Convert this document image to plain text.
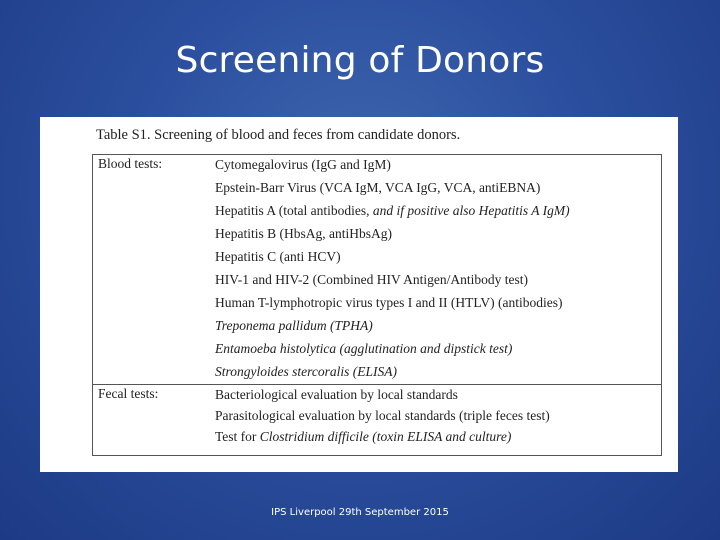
Screening of Donors
Table S1. Screening of blood and feces from candidate donors.
Blood tests:	Cytomegalovirus (IgG and IgM)
Epstein-Barr Virus (VCA IgM, VCA IgG, VCA, antiEBNA)
Hepatitis A (total antibodies, and if positive also Hepatitis A IgM)
Hepatitis B (HbsAg, antiHbsAg)
Hepatitis C (anti HCV)
HIV-1 and HIV-2 (Combined HIV Antigen/Antibody test)
Human T-lymphotropic virus types I and II (HTLV) (antibodies)
Treponema pallidum (TPHA)
Entamoeba histolytica (agglutination and dipstick test)
Strongyloides stercoralis (ELISA)
Fecal tests:	Bacteriological evaluation by local standards
Parasitological evaluation by local standards (triple feces test)
Test for Clostridium difficile (toxin ELISA and culture)
IPS Liverpool 29th September 2015
